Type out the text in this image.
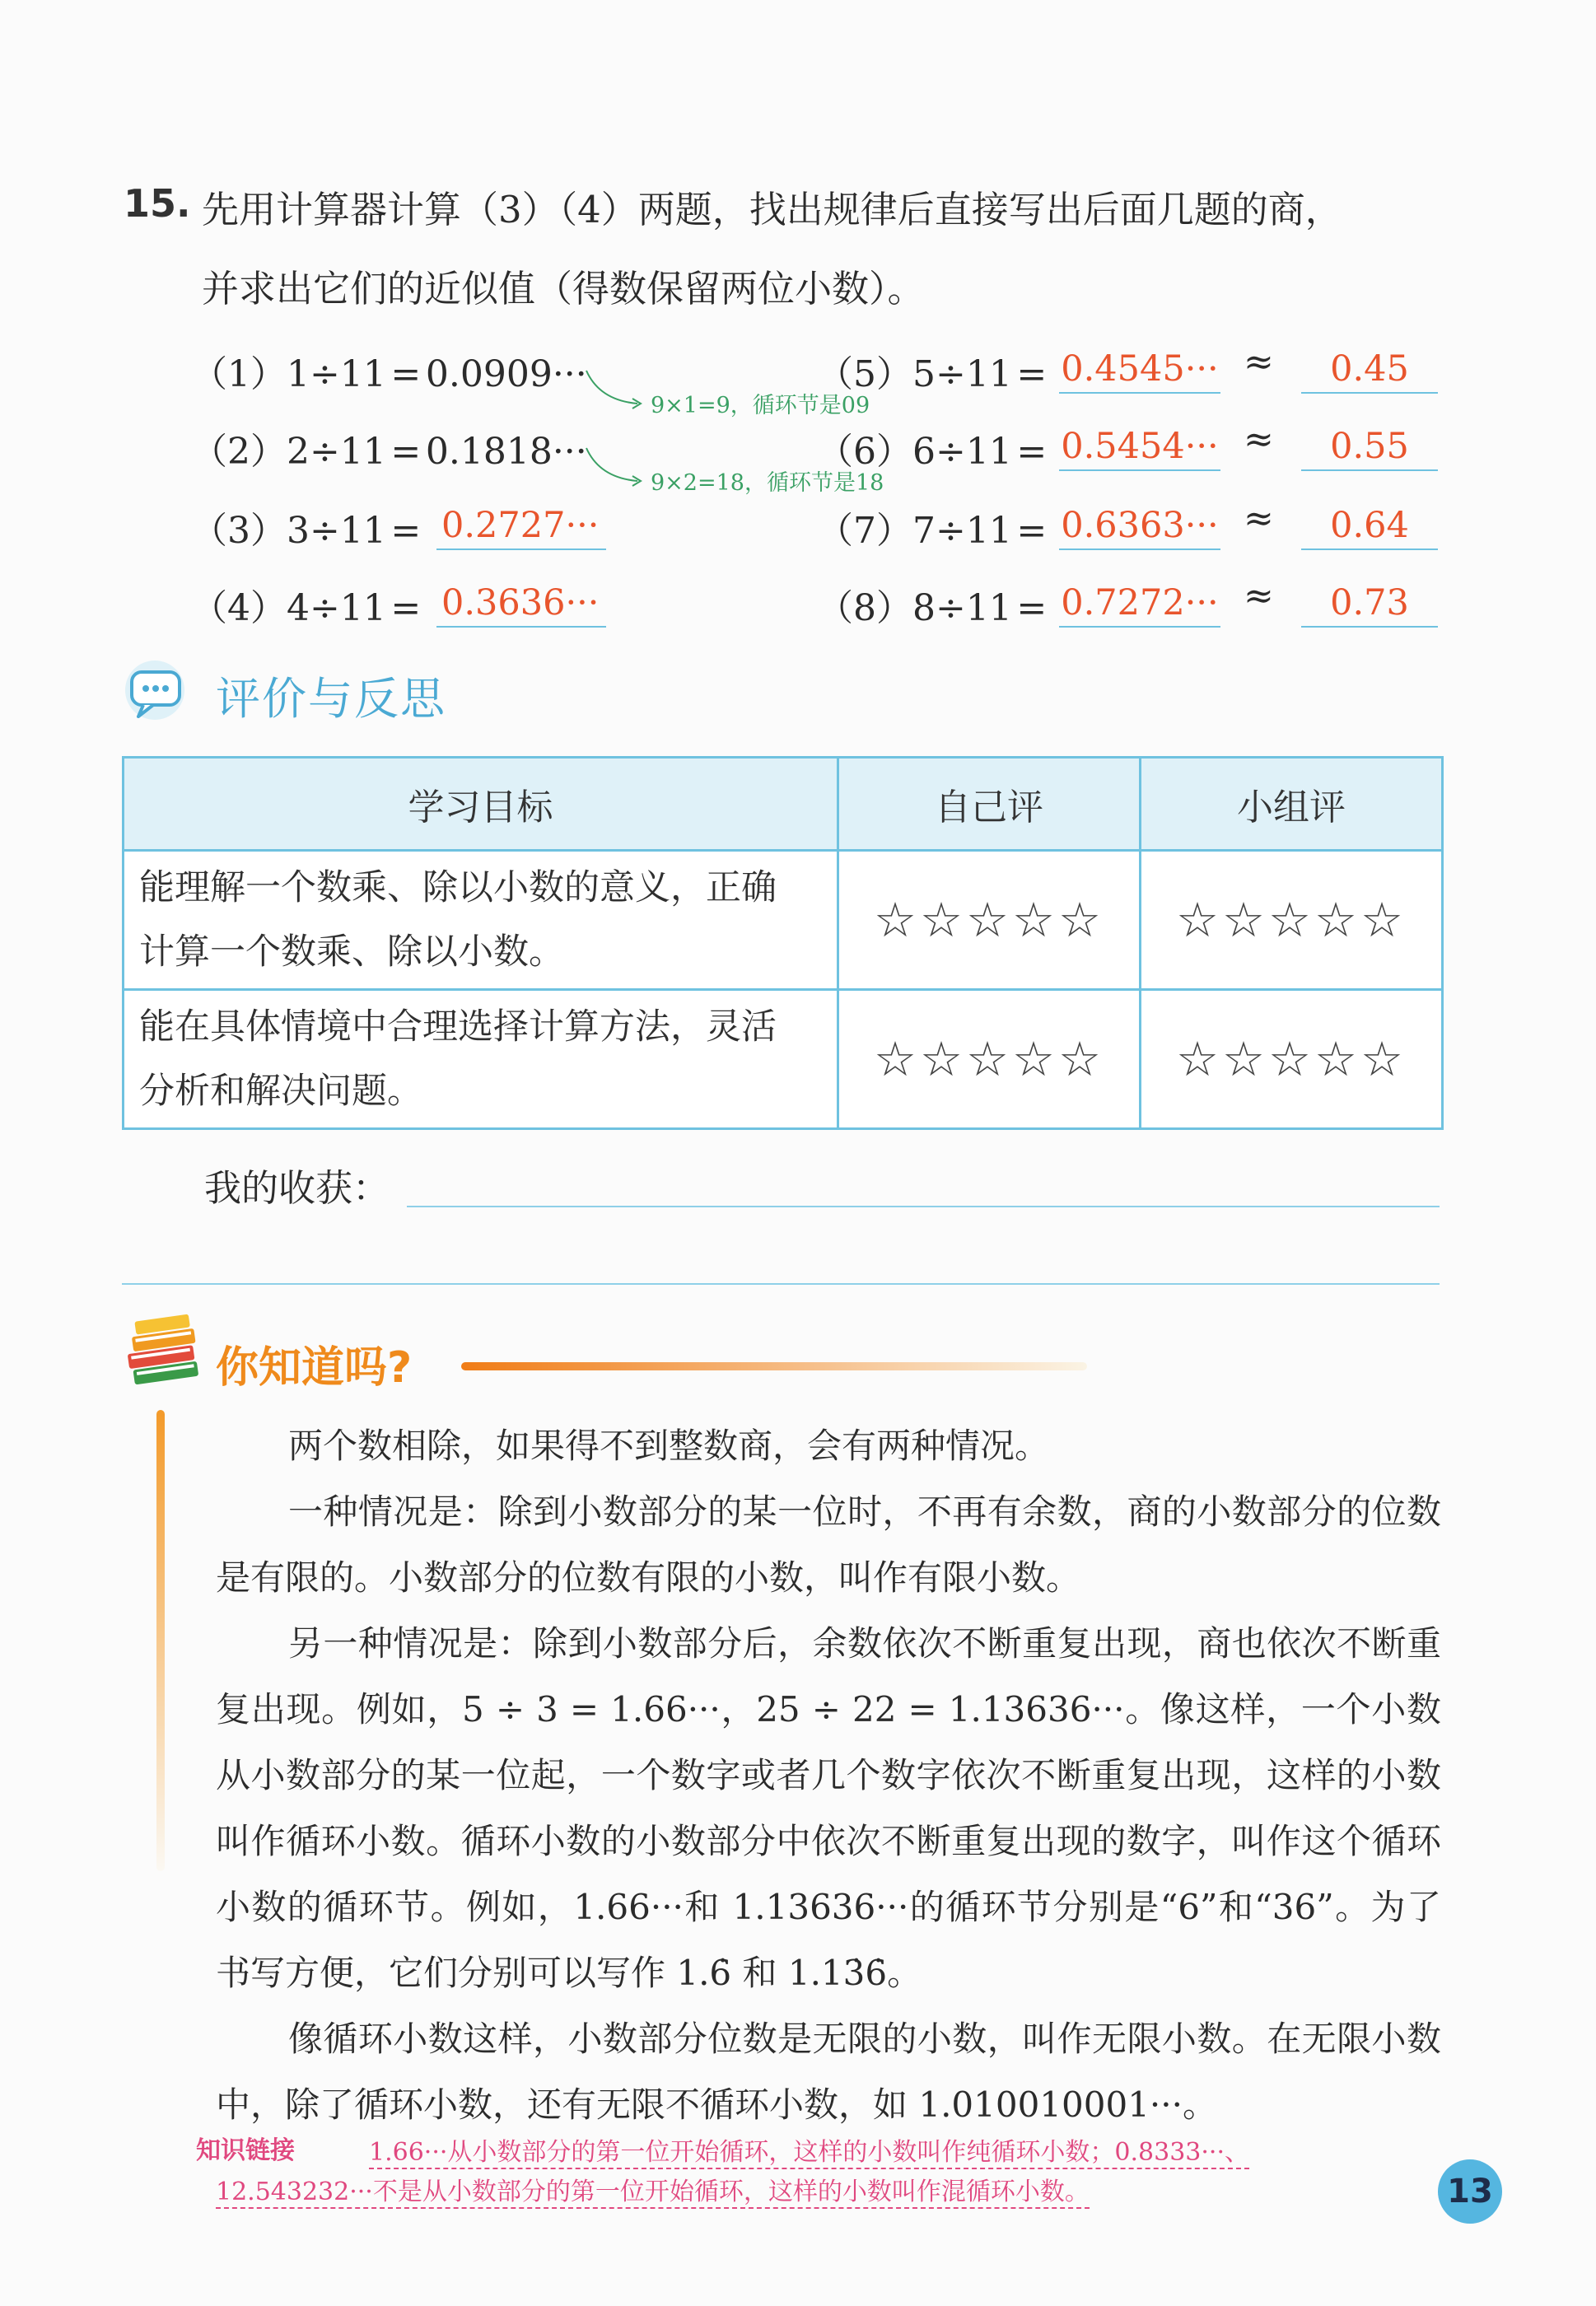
15. 先用计算器计算（3）（4）两题，找出规律后直接写出后面几题的商，
并求出它们的近似值（得数保留两位小数）。
（1）1÷11 = 0.0909···
（2）2÷11 = 0.1818···
（3）3÷11 = 0.2727···
（4）4÷11 = 0.3636···
9×1=9，循环节是09
9×2=18，循环节是18
（5）5÷11 = 0.4545··· ≈	0.45
（6）6÷11 = 0.5454··· ≈	0.55
（7）7÷11 = 0.6363··· ≈	0.64
（8）8÷11 = 0.7272··· ≈	0.73
评价与反思
学习目标	自己评	小组评

能理解一个数乘、除以小数的意义，正确
计算一个数乘、除以小数。	☆☆☆☆☆	☆☆☆☆☆

能在具体情境中合理选择计算方法，灵活
分析和解决问题。	☆☆☆☆☆	☆☆☆☆☆
我的收获：
你知道吗?

两个数相除，如果得不到整数商，会有两种情况。

一种情况是：除到小数部分的某一位时，不再有余数，商的小数部分的位数是有限的。小数部分的位数有限的小数，叫作有限小数。

另一种情况是：除到小数部分后，余数依次不断重复出现，商也依次不断重复出现。例如，5 ÷ 3 = 1.66···，25 ÷ 22 = 1.13636···。像这样，一个小数从小数部分的某一位起，一个数字或者几个数字依次不断重复出现，这样的小数叫作循环小数。循环小数的小数部分中依次不断重复出现的数字，叫作这个循环小数的循环节。例如，1.66···和 1.13636···的循环节分别是“6”和“36”。为了书写方便，它们分别可以写作 1.6̇ 和 1.13̇6̇。

像循环小数这样，小数部分位数是无限的小数，叫作无限小数。在无限小数中，除了循环小数，还有无限不循环小数，如 1.010010001···。

知识链接	1.66···从小数部分的第一位开始循环，这样的小数叫作纯循环小数；0.8333···、
12.543232···不是从小数部分的第一位开始循环，这样的小数叫作混循环小数。	13
